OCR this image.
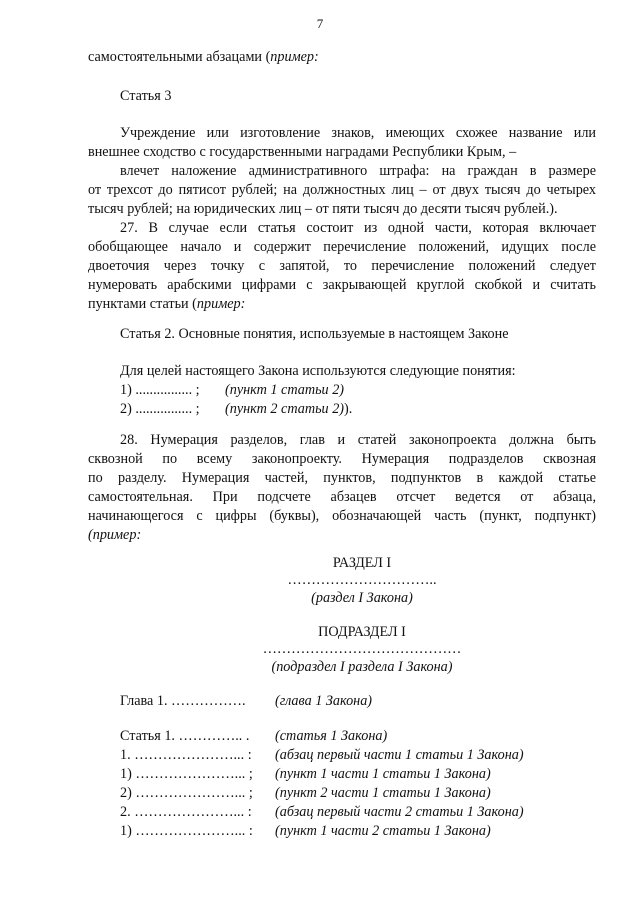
7
самостоятельными абзацами (пример:
Статья 3
Учреждение или изготовление знаков, имеющих схожее название или
внешнее сходство с государственными наградами Республики Крым, –
влечет наложение административного штрафа: на граждан в размере
от трехсот до пятисот рублей; на должностных лиц – от двух тысяч до четырех
тысяч рублей; на юридических лиц – от пяти тысяч до десяти тысяч рублей.).
27. В случае если статья состоит из одной части, которая включает
обобщающее начало и содержит перечисление положений, идущих после
двоеточия через точку с запятой, то перечисление положений следует
нумеровать арабскими цифрами с закрывающей круглой скобкой и считать
пунктами статьи (пример:
Статья 2. Основные понятия, используемые в настоящем Законе
Для целей настоящего Закона используются следующие понятия:
1) ................ ; (пункт 1 статьи 2)
2) ................ ; (пункт 2 статьи 2)).
28. Нумерация разделов, глав и статей законопроекта должна быть
сквозной по всему законопроекту. Нумерация подразделов сквозная
по разделу. Нумерация частей, пунктов, подпунктов в каждой статье
самостоятельная. При подсчете абзацев отсчет ведется от абзаца,
начинающегося с цифры (буквы), обозначающей часть (пункт, подпункт)
(пример:
РАЗДЕЛ I
…………………………..
(раздел I Закона)
ПОДРАЗДЕЛ I
……………………………………
(подраздел I раздела I Закона)
Глава 1. ……………. (глава 1 Закона)
Статья 1. ………….. . (статья 1 Закона)
1. …………………... : (абзац первый части 1 статьи 1 Закона)
1) …………………... ; (пункт 1 части 1 статьи 1 Закона)
2) …………………... ; (пункт 2 части 1 статьи 1 Закона)
2. …………………... : (абзац первый части 2 статьи 1 Закона)
1) …………………... : (пункт 1 части 2 статьи 1 Закона)
